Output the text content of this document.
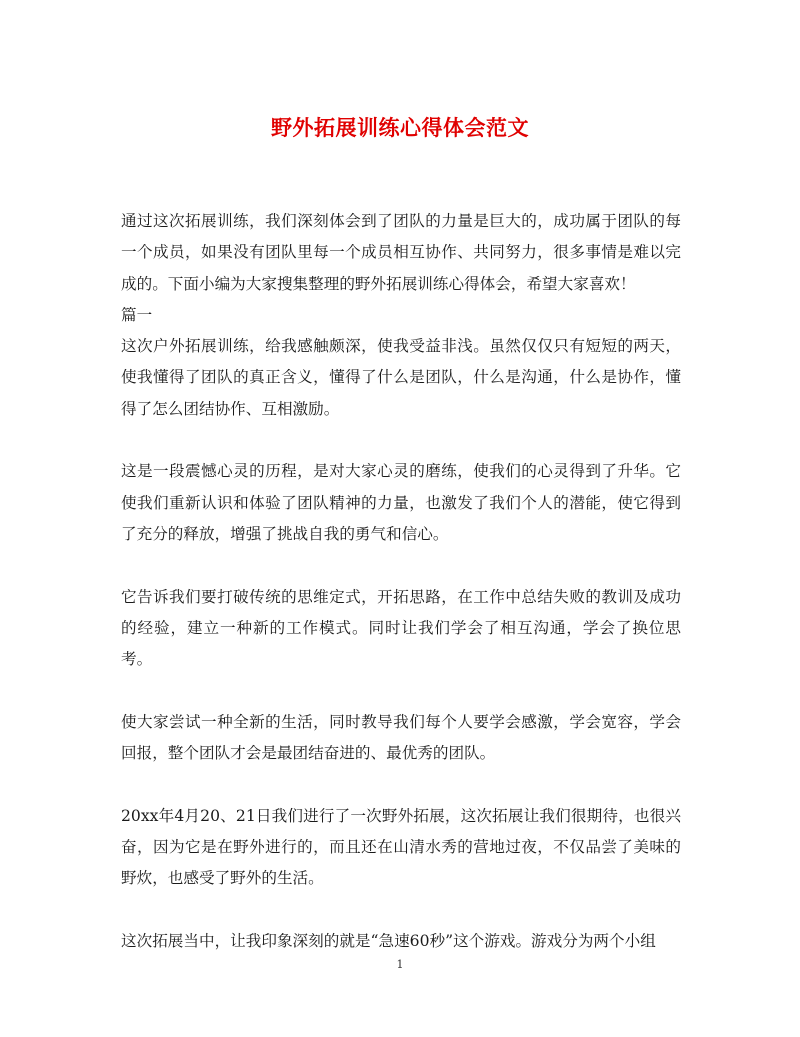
野外拓展训练心得体会范文

通过这次拓展训练，我们深刻体会到了团队的力量是巨大的，成功属于团队的每一个成员，如果没有团队里每一个成员相互协作、共同努力，很多事情是难以完成的。下面小编为大家搜集整理的野外拓展训练心得体会，希望大家喜欢！

篇一

这次户外拓展训练，给我感触颇深，使我受益非浅。虽然仅仅只有短短的两天，使我懂得了团队的真正含义，懂得了什么是团队，什么是沟通，什么是协作，懂得了怎么团结协作、互相激励。

这是一段震憾心灵的历程，是对大家心灵的磨练，使我们的心灵得到了升华。它使我们重新认识和体验了团队精神的力量，也激发了我们个人的潜能，使它得到了充分的释放，增强了挑战自我的勇气和信心。

它告诉我们要打破传统的思维定式，开拓思路，在工作中总结失败的教训及成功的经验，建立一种新的工作模式。同时让我们学会了相互沟通，学会了换位思考。

使大家尝试一种全新的生活，同时教导我们每个人要学会感激，学会宽容，学会回报，整个团队才会是最团结奋进的、最优秀的团队。

20xx年4月20、21日我们进行了一次野外拓展，这次拓展让我们很期待，也很兴奋，因为它是在野外进行的，而且还在山清水秀的营地过夜，不仅品尝了美味的野炊，也感受了野外的生活。

这次拓展当中，让我印象深刻的就是“急速60秒”这个游戏。游戏分为两个小组

1
